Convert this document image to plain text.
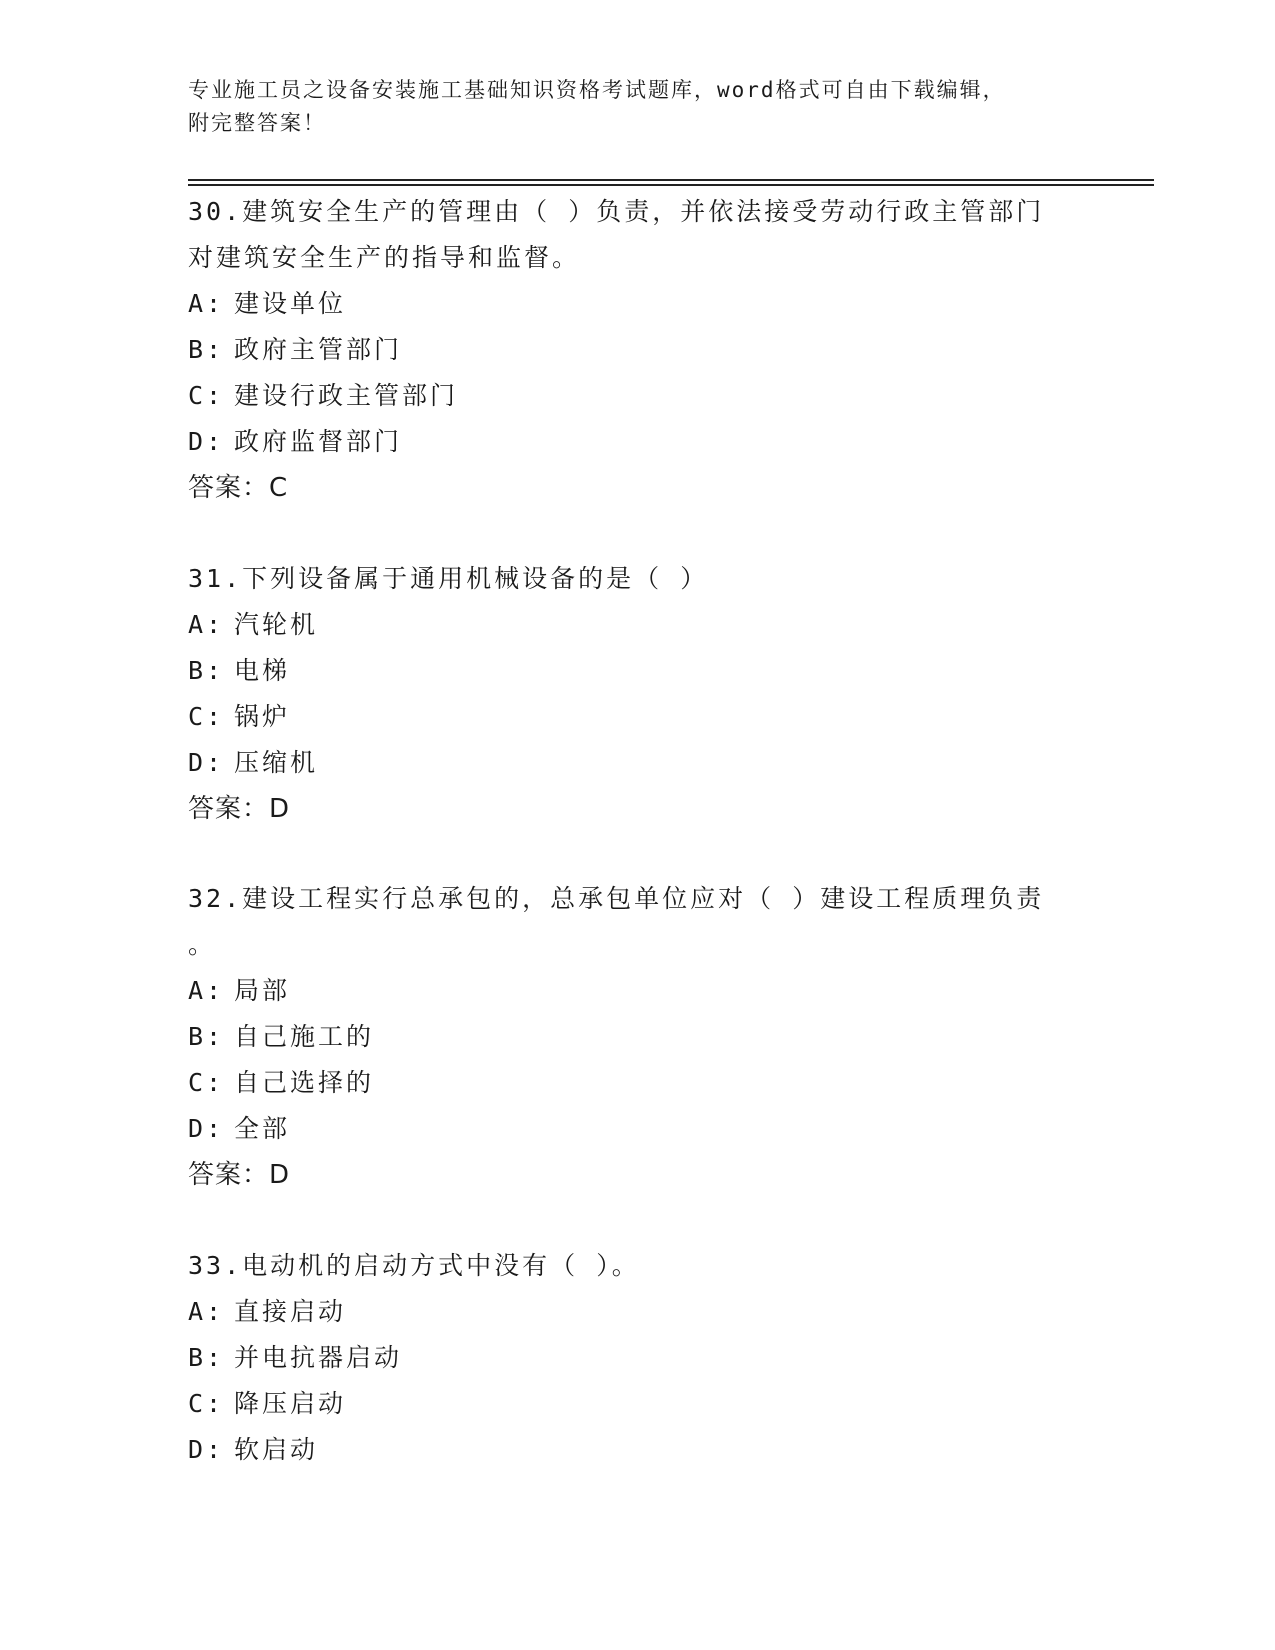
专业施工员之设备安装施工基础知识资格考试题库，word格式可自由下载编辑，
附完整答案！

30.建筑安全生产的管理由（ ）负责，并依法接受劳动行政主管部门

对建筑安全生产的指导和监督。

A: 建设单位

B: 政府主管部门

C: 建设行政主管部门

D: 政府监督部门

答案：C

31.下列设备属于通用机械设备的是（ ）

A: 汽轮机

B: 电梯

C: 锅炉

D: 压缩机

答案：D

32.建设工程实行总承包的，总承包单位应对（ ）建设工程质理负责

。

A: 局部

B: 自己施工的

C: 自己选择的

D: 全部

答案：D

33.电动机的启动方式中没有（ ）。

A: 直接启动

B: 并电抗器启动

C: 降压启动

D: 软启动
